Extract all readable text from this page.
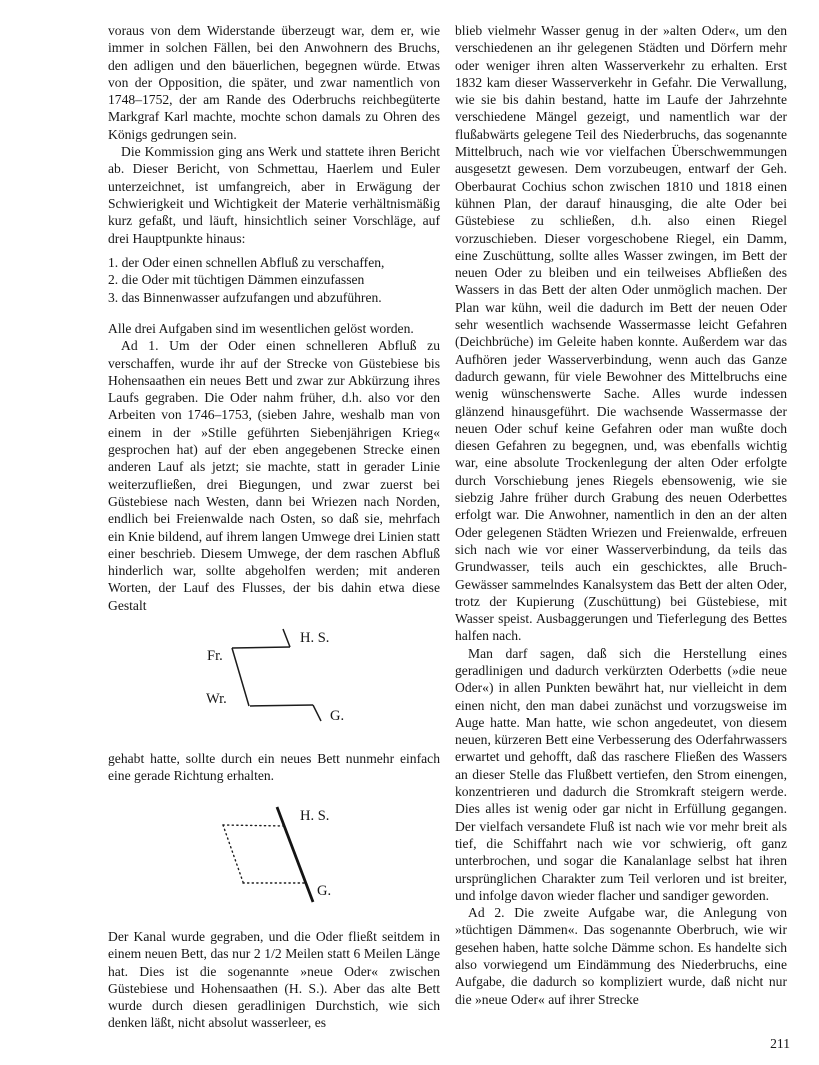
voraus von dem Widerstande überzeugt war, dem er, wie immer in solchen Fällen, bei den Anwohnern des Bruchs, den adligen und den bäuerlichen, begegnen würde. Etwas von der Opposition, die später, und zwar namentlich von 1748–1752, der am Rande des Oderbruchs reichbegüterte Markgraf Karl machte, mochte schon damals zu Ohren des Königs gedrungen sein.

Die Kommission ging ans Werk und stattete ihren Bericht ab. Dieser Bericht, von Schmettau, Haerlem und Euler unterzeichnet, ist umfangreich, aber in Erwägung der Schwierigkeit und Wichtigkeit der Materie verhältnismäßig kurz gefaßt, und läuft, hinsichtlich seiner Vorschläge, auf drei Hauptpunkte hinaus:

1. der Oder einen schnellen Abfluß zu verschaffen,
2. die Oder mit tüchtigen Dämmen einzufassen
3. das Binnenwasser aufzufangen und abzuführen.

Alle drei Aufgaben sind im wesentlichen gelöst worden.

Ad 1. Um der Oder einen schnelleren Abfluß zu verschaffen, wurde ihr auf der Strecke von Güstebiese bis Hohensaathen ein neues Bett und zwar zur Abkürzung ihres Laufs gegraben. Die Oder nahm früher, d.h. also vor den Arbeiten von 1746–1753, (sieben Jahre, weshalb man von einem in der »Stille geführten Siebenjährigen Krieg« gesprochen hat) auf der eben angegebenen Strecke einen anderen Lauf als jetzt; sie machte, statt in gerader Linie weiterzufließen, drei Biegungen, und zwar zuerst bei Güstebiese nach Westen, dann bei Wriezen nach Norden, endlich bei Freienwalde nach Osten, so daß sie, mehrfach ein Knie bildend, auf ihrem langen Umwege drei Linien statt einer beschrieb. Diesem Umwege, der dem raschen Abfluß hinderlich war, sollte abgeholfen werden; mit anderen Worten, der Lauf des Flusses, der bis dahin etwa diese Gestalt

H. S.
Fr.
Wr.
G.

gehabt hatte, sollte durch ein neues Bett nunmehr einfach eine gerade Richtung erhalten.

H. S.
G.

Der Kanal wurde gegraben, und die Oder fließt seitdem in einem neuen Bett, das nur 2 1/2 Meilen statt 6 Meilen Länge hat. Dies ist die sogenannte »neue Oder« zwischen Güstebiese und Hohensaathen (H. S.). Aber das alte Bett wurde durch diesen geradlinigen Durchstich, wie sich denken läßt, nicht absolut wasserleer, es

blieb vielmehr Wasser genug in der »alten Oder«, um den verschiedenen an ihr gelegenen Städten und Dörfern mehr oder weniger ihren alten Wasserverkehr zu erhalten. Erst 1832 kam dieser Wasserverkehr in Gefahr. Die Verwallung, wie sie bis dahin bestand, hatte im Laufe der Jahrzehnte verschiedene Mängel gezeigt, und namentlich war der flußabwärts gelegene Teil des Niederbruchs, das sogenannte Mittelbruch, nach wie vor vielfachen Überschwemmungen ausgesetzt gewesen. Dem vorzubeugen, entwarf der Geh. Oberbaurat Cochius schon zwischen 1810 und 1818 einen kühnen Plan, der darauf hinausging, die alte Oder bei Güstebiese zu schließen, d.h. also einen Riegel vorzuschieben. Dieser vorgeschobene Riegel, ein Damm, eine Zuschüttung, sollte alles Wasser zwingen, im Bett der neuen Oder zu bleiben und ein teilweises Abfließen des Wassers in das Bett der alten Oder unmöglich machen. Der Plan war kühn, weil die dadurch im Bett der neuen Oder sehr wesentlich wachsende Wassermasse leicht Gefahren (Deichbrüche) im Geleite haben konnte. Außerdem war das Aufhören jeder Wasserverbindung, wenn auch das Ganze dadurch gewann, für viele Bewohner des Mittelbruchs eine wenig wünschenswerte Sache. Alles wurde indessen glänzend hinausgeführt. Die wachsende Wassermasse der neuen Oder schuf keine Gefahren oder man wußte doch diesen Gefahren zu begegnen, und, was ebenfalls wichtig war, eine absolute Trockenlegung der alten Oder erfolgte durch Vorschiebung jenes Riegels ebensowenig, wie sie siebzig Jahre früher durch Grabung des neuen Oderbettes erfolgt war. Die Anwohner, namentlich in den an der alten Oder gelegenen Städten Wriezen und Freienwalde, erfreuen sich nach wie vor einer Wasserverbindung, da teils das Grundwasser, teils auch ein geschicktes, alle Bruch-Gewässer sammelndes Kanalsystem das Bett der alten Oder, trotz der Kupierung (Zuschüttung) bei Güstebiese, mit Wasser speist. Ausbaggerungen und Tieferlegung des Bettes halfen nach.

Man darf sagen, daß sich die Herstellung eines geradlinigen und dadurch verkürzten Oderbetts (»die neue Oder«) in allen Punkten bewährt hat, nur vielleicht in dem einen nicht, den man dabei zunächst und vorzugsweise im Auge hatte. Man hatte, wie schon angedeutet, von diesem neuen, kürzeren Bett eine Verbesserung des Oderfahrwassers erwartet und gehofft, daß das raschere Fließen des Wassers an dieser Stelle das Flußbett vertiefen, den Strom einengen, konzentrieren und dadurch die Stromkraft steigern werde. Dies alles ist wenig oder gar nicht in Erfüllung gegangen. Der vielfach versandete Fluß ist nach wie vor mehr breit als tief, die Schiffahrt nach wie vor schwierig, oft ganz unterbrochen, und sogar die Kanalanlage selbst hat ihren ursprünglichen Charakter zum Teil verloren und ist breiter, und infolge davon wieder flacher und sandiger geworden.

Ad 2. Die zweite Aufgabe war, die Anlegung von »tüchtigen Dämmen«. Das sogenannte Oberbruch, wie wir gesehen haben, hatte solche Dämme schon. Es handelte sich also vorwiegend um Eindämmung des Niederbruchs, eine Aufgabe, die dadurch so kompliziert wurde, daß nicht nur die »neue Oder« auf ihrer Strecke

211
